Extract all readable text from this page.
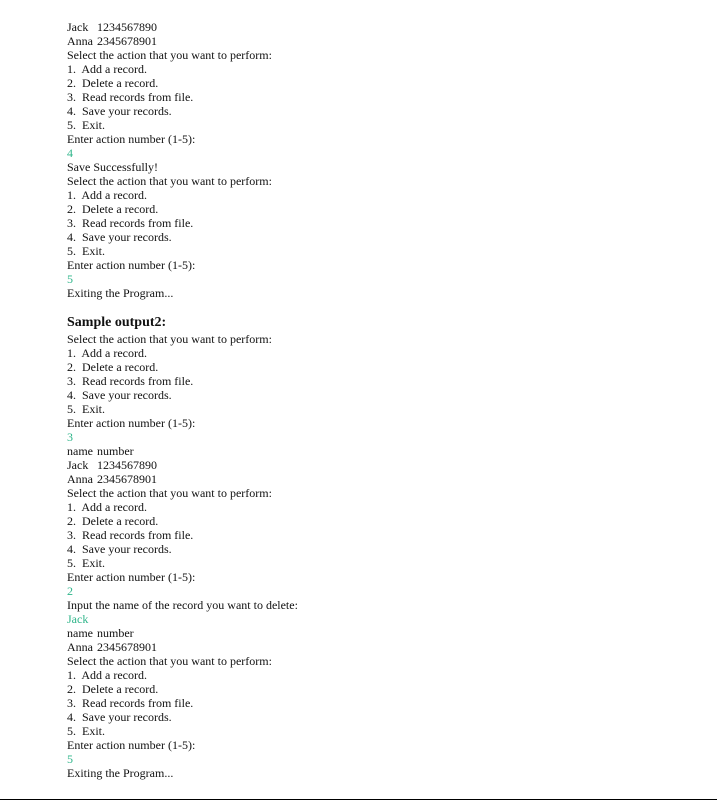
Jack 1234567890
Anna 2345678901
Select the action that you want to perform:
1.  Add a record.
2.  Delete a record.
3.  Read records from file.
4.  Save your records.
5.  Exit.
Enter action number (1-5):
4
Save Successfully!
Select the action that you want to perform:
1.  Add a record.
2.  Delete a record.
3.  Read records from file.
4.  Save your records.
5.  Exit.
Enter action number (1-5):
5
Exiting the Program...
Sample output2:
Select the action that you want to perform:
1.  Add a record.
2.  Delete a record.
3.  Read records from file.
4.  Save your records.
5.  Exit.
Enter action number (1-5):
3
name number
Jack 1234567890
Anna 2345678901
Select the action that you want to perform:
1.  Add a record.
2.  Delete a record.
3.  Read records from file.
4.  Save your records.
5.  Exit.
Enter action number (1-5):
2
Input the name of the record you want to delete:
Jack
name number
Anna 2345678901
Select the action that you want to perform:
1.  Add a record.
2.  Delete a record.
3.  Read records from file.
4.  Save your records.
5.  Exit.
Enter action number (1-5):
5
Exiting the Program...
